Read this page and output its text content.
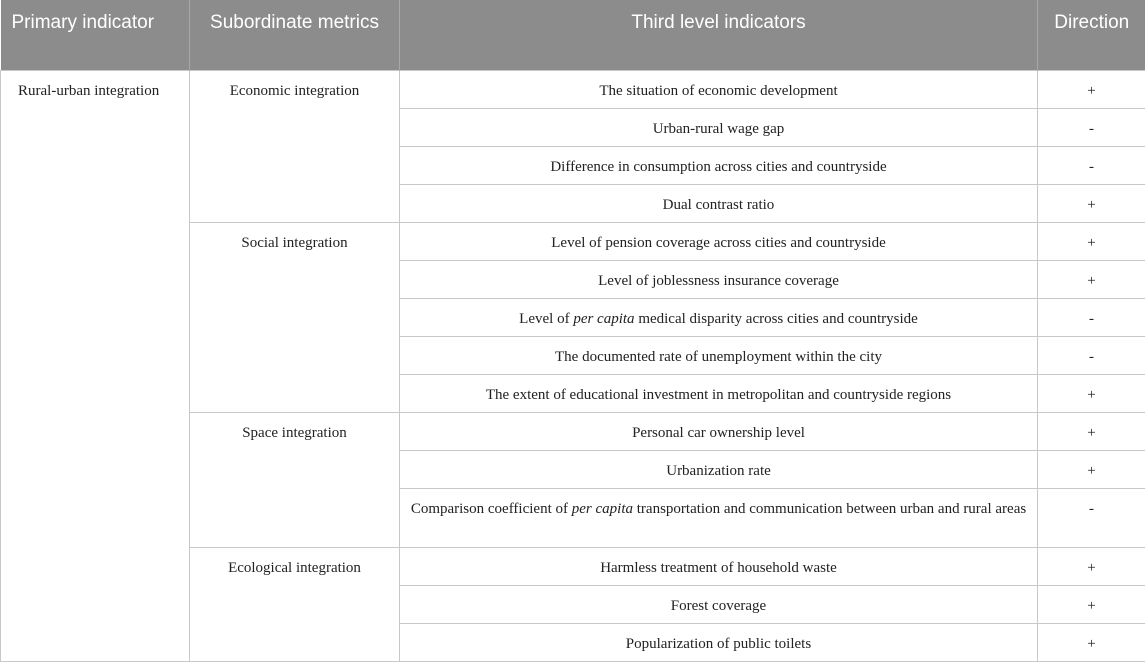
Primary indicator	Subordinate metrics	Third level indicators	Direction
Rural-urban integration	Economic integration	The situation of economic development	+
		Urban-rural wage gap	-
		Difference in consumption across cities and countryside	-
		Dual contrast ratio	+
	Social integration	Level of pension coverage across cities and countryside	+
		Level of joblessness insurance coverage	+
		Level of per capita medical disparity across cities and countryside	-
		The documented rate of unemployment within the city	-
		The extent of educational investment in metropolitan and countryside regions	+
	Space integration	Personal car ownership level	+
		Urbanization rate	+
		Comparison coefficient of per capita transportation and communication between urban and rural areas	-
	Ecological integration	Harmless treatment of household waste	+
		Forest coverage	+
		Popularization of public toilets	+
